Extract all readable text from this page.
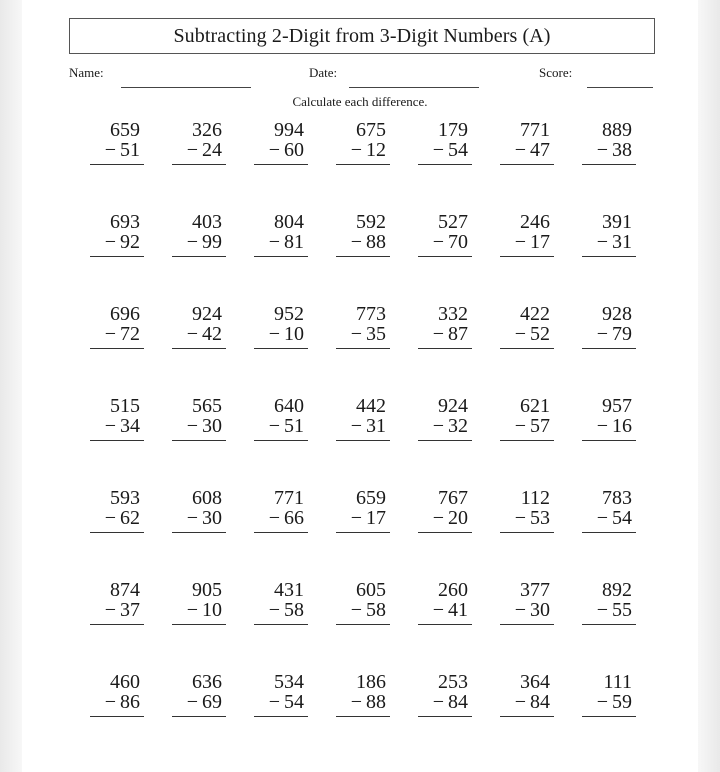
Subtracting 2-Digit from 3-Digit Numbers (A)
Name:	Date:	Score:
Calculate each difference.
659
− 51
326
− 24
994
− 60
675
− 12
179
− 54
771
− 47
889
− 38
693
− 92
403
− 99
804
− 81
592
− 88
527
− 70
246
− 17
391
− 31
696
− 72
924
− 42
952
− 10
773
− 35
332
− 87
422
− 52
928
− 79
515
− 34
565
− 30
640
− 51
442
− 31
924
− 32
621
− 57
957
− 16
593
− 62
608
− 30
771
− 66
659
− 17
767
− 20
112
− 53
783
− 54
874
− 37
905
− 10
431
− 58
605
− 58
260
− 41
377
− 30
892
− 55
460
− 86
636
− 69
534
− 54
186
− 88
253
− 84
364
− 84
111
− 59
